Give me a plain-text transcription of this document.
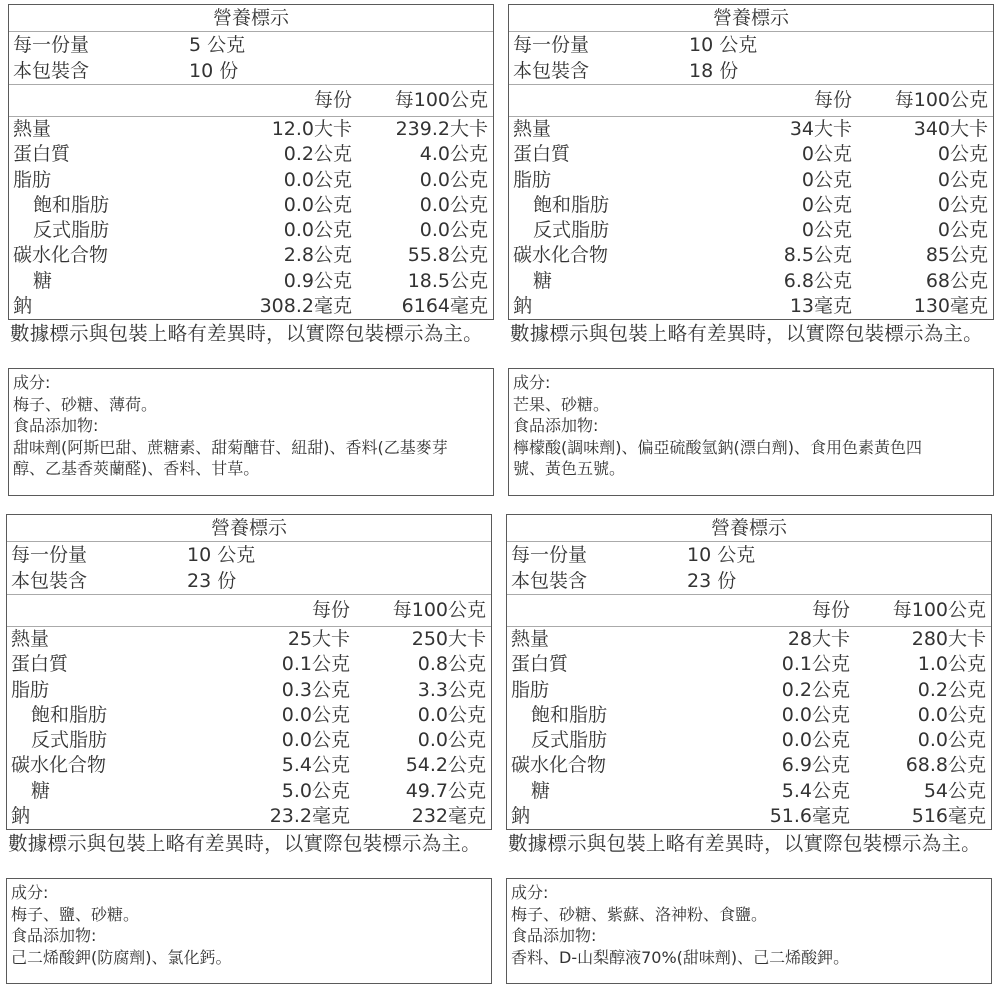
營養標示
每一份量	5 公克
本包裝含	10 份
每份 每100公克
熱量	12.0大卡 239.2大卡
蛋白質	0.2公克	4.0公克
脂肪	0.0公克	0.0公克
飽和脂肪	0.0公克	0.0公克
反式脂肪	0.0公克	0.0公克
碳水化合物	2.8公克	55.8公克
糖	0.9公克	18.5公克
鈉	308.2毫克	6164毫克
數據標示與包裝上略有差異時，以實際包裝標示為主。
成分:
梅子、砂糖、薄荷。
食品添加物:
甜味劑(阿斯巴甜、蔗糖素、甜菊醣苷、紐甜)、香料(乙基麥芽
醇、乙基香莢蘭醛)、香料、甘草。
營養標示
每一份量	10 公克
本包裝含	18 份
每份 每100公克
熱量	34大卡	340大卡
蛋白質	0公克	0公克
脂肪	0公克	0公克
飽和脂肪	0公克	0公克
反式脂肪	0公克	0公克
碳水化合物	8.5公克	85公克
糖	6.8公克	68公克
鈉	13毫克	130毫克
數據標示與包裝上略有差異時，以實際包裝標示為主。
成分:
芒果、砂糖。
食品添加物:
檸檬酸(調味劑)、偏亞硫酸氫鈉(漂白劑)、食用色素黃色四
號、黃色五號。
營養標示
每一份量	10 公克
本包裝含	23 份
每份 每100公克
熱量	25大卡	250大卡
蛋白質	0.1公克	0.8公克
脂肪	0.3公克	3.3公克
飽和脂肪	0.0公克	0.0公克
反式脂肪	0.0公克	0.0公克
碳水化合物	5.4公克	54.2公克
糖	5.0公克	49.7公克
鈉	23.2毫克	232毫克
數據標示與包裝上略有差異時，以實際包裝標示為主。
成分:
梅子、鹽、砂糖。
食品添加物:
己二烯酸鉀(防腐劑)、氯化鈣。
營養標示
每一份量	10 公克
本包裝含	23 份
每份 每100公克
熱量	28大卡	280大卡
蛋白質	0.1公克	1.0公克
脂肪	0.2公克	0.2公克
飽和脂肪	0.0公克	0.0公克
反式脂肪	0.0公克	0.0公克
碳水化合物	6.9公克	68.8公克
糖	5.4公克	54公克
鈉	51.6毫克	516毫克
數據標示與包裝上略有差異時，以實際包裝標示為主。
成分:
梅子、砂糖、紫蘇、洛神粉、食鹽。
食品添加物:
香料、D-山梨醇液70%(甜味劑)、己二烯酸鉀。
